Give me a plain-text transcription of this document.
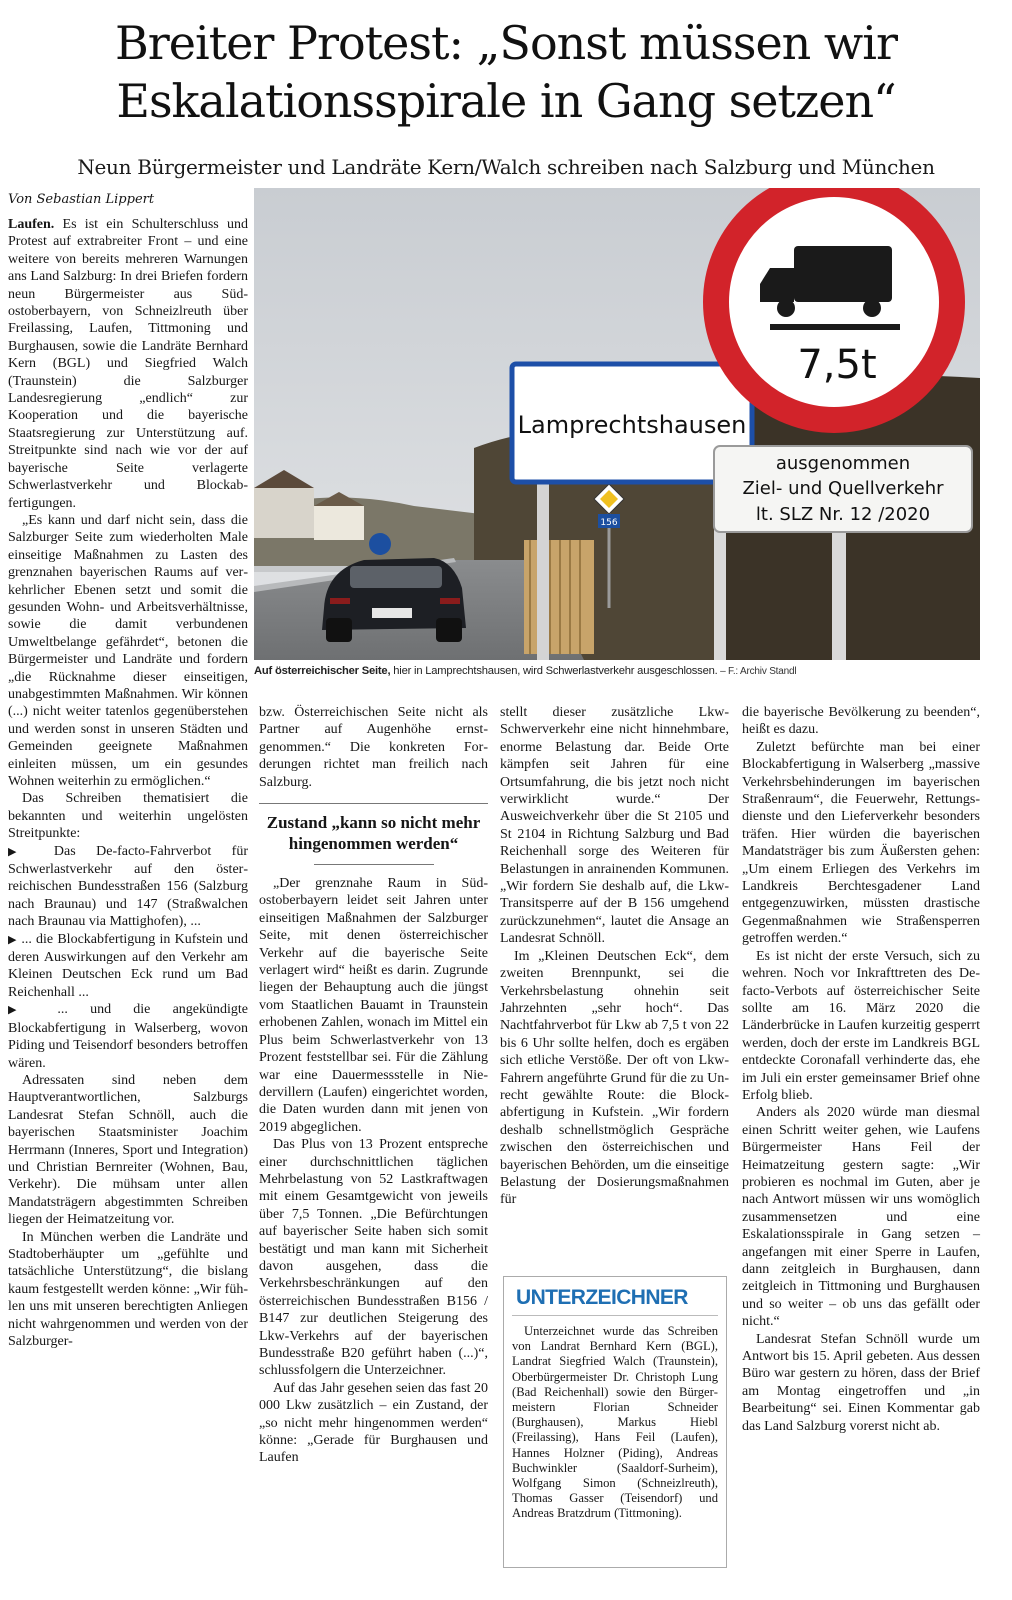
Breiter Protest: „Sonst müssen wir
Eskalationsspirale in Gang setzen“
Neun Bürgermeister und Landräte Kern/Walch schreiben nach Salzburg und München
Von Sebastian Lippert
156
Lamprechtshausen
7,5t
ausgenommen
Ziel- und Quellverkehr
lt. SLZ Nr. 12 /2020
Auf österreichischer Seite, hier in Lamprechtshausen, wird Schwerlastverkehr ausgeschlossen. – F.: Archiv Standl

Laufen. Es ist ein Schulterschluss und Protest auf extrabreiter Front – und eine weitere von bereits mehreren Warnungen ans Land Salzburg: In drei Briefen fordern neun Bürgermeister aus Südostoberbayern, von Schneizlreuth über Freilassing, Laufen, Tittmoning und Burghausen, sowie die Landräte Bernhard Kern (BGL) und Siegfried Walch (Traunstein) die Salzburger Landesregierung „endlich“ zur Kooperation und die bayerische Staatsregierung zur Unterstützung auf. Streitpunkte sind nach wie vor der auf bayerische Seite verlagerte Schwerlastverkehr und Blockabfertigungen.

„Es kann und darf nicht sein, dass die Salzburger Seite zum wiederholten Male einseitige Maßnahmen zu Lasten des grenznahen bayerischen Raums auf verkehrlicher Ebenen setzt und somit die gesunden Wohn- und Arbeitsverhältnisse, sowie die damit verbundenen Umweltbelange gefährdet“, betonen die Bürgermeister und Landräte und fordern „die Rücknahme dieser einseitigen, unabgestimmten Maßnahmen. Wir können (...) nicht weiter tatenlos gegenüberstehen und werden sonst in unseren Städten und Gemeinden geeignete Maßnahmen einleiten müssen, um ein gesundes Wohnen weiterhin zu ermöglichen.“

Das Schreiben thematisiert die bekannten und weiterhin ungelösten Streitpunkte:

▶ Das De-facto-Fahrverbot für Schwerlastverkehr auf den österreichischen Bundesstraßen 156 (Salzburg nach Braunau) und 147 (Straßwalchen nach Braunau via Mattighofen), ...

▶ ... die Blockabfertigung in Kufstein und deren Auswirkungen auf den Verkehr am Kleinen Deutschen Eck rund um Bad Reichenhall ...

▶ ... und die angekündigte Blockabfertigung in Walserberg, wovon Piding und Teisendorf besonders betroffen wären.

Adressaten sind neben dem Hauptverantwortlichen, Salzburgs Landesrat Stefan Schnöll, auch die bayerischen Staatsminister Joachim Herrmann (Inneres, Sport und Integration) und Christian Bernreiter (Wohnen, Bau, Verkehr). Die mühsam unter allen Mandatsträgern abgestimmten Schreiben liegen der Heimatzeitung vor.

In München werben die Landräte und Stadtoberhäupter um „gefühlte und tatsächliche Unterstützung“, die bislang kaum festgestellt werden könne: „Wir fühlen uns mit unseren berechtigten Anliegen nicht wahrgenommen und werden von der Salzburger-

bzw. Österreichischen Seite nicht als Partner auf Augenhöhe ernstgenommen.“ Die konkreten Forderungen richtet man freilich nach Salzburg.

Zustand „kann so nicht mehr hingenommen werden“

„Der grenznahe Raum in Südostoberbayern leidet seit Jahren unter einseitigen Maßnahmen der Salzburger Seite, mit denen österreichischer Verkehr auf die bayerische Seite verlagert wird“ heißt es darin. Zugrunde liegen der Behauptung auch die jüngst vom Staatlichen Bauamt in Traunstein erhobenen Zahlen, wonach im Mittel ein Plus beim Schwerlastverkehr von 13 Prozent feststellbar sei. Für die Zählung war eine Dauermessstelle in Niedervillern (Laufen) eingerichtet worden, die Daten wurden dann mit jenen von 2019 abgeglichen.

Das Plus von 13 Prozent entspreche einer durchschnittlichen täglichen Mehrbelastung von 52 Lastkraftwagen mit einem Gesamtgewicht von jeweils über 7,5 Tonnen. „Die Befürchtungen auf bayerischer Seite haben sich somit bestätigt und man kann mit Sicherheit davon ausgehen, dass die Verkehrsbeschränkungen auf den österreichischen Bundesstraßen B156 / B147 zur deutlichen Steigerung des Lkw-Verkehrs auf der bayerischen Bundesstraße B20 geführt haben (...)“, schlussfolgern die Unterzeichner.

Auf das Jahr gesehen seien das fast 20 000 Lkw zusätzlich – ein Zustand, der „so nicht mehr hingenommen werden“ könne: „Gerade für Burghausen und Laufen

stellt dieser zusätzliche Lkw-Schwerverkehr eine nicht hinnehmbare, enorme Belastung dar. Beide Orte kämpfen seit Jahren für eine Ortsumfahrung, die bis jetzt noch nicht verwirklicht wurde.“ Der Ausweichverkehr über die St 2105 und St 2104 in Richtung Salzburg und Bad Reichenhall sorge des Weiteren für Belastungen in anrainenden Kommunen. „Wir fordern Sie deshalb auf, die Lkw-Transitsperre auf der B 156 umgehend zurückzunehmen“, lautet die Ansage an Landesrat Schnöll.

Im „Kleinen Deutschen Eck“, dem zweiten Brennpunkt, sei die Verkehrsbelastung ohnehin seit Jahrzehnten „sehr hoch“. Das Nachtfahrverbot für Lkw ab 7,5 t von 22 bis 6 Uhr sollte helfen, doch es ergäben sich etliche Verstöße. Der oft von Lkw-Fahrern angeführte Grund für die zu Unrecht gewählte Route: die Blockabfertigung in Kufstein. „Wir fordern deshalb schnellstmöglich Gespräche zwischen den österreichischen und bayerischen Behörden, um die einseitige Belastung der Dosierungsmaßnahmen für

UNTERZEICHNER

Unterzeichnet wurde das Schreiben von Landrat Bernhard Kern (BGL), Landrat Siegfried Walch (Traunstein), Oberbürgermeister Dr. Christoph Lung (Bad Reichenhall) sowie den Bürgermeistern Florian Schneider (Burghausen), Markus Hiebl (Freilassing), Hans Feil (Laufen), Hannes Holzner (Piding), Andreas Buchwinkler (Saaldorf-Surheim), Wolfgang Simon (Schneizlreuth), Thomas Gasser (Teisendorf) und Andreas Bratzdrum (Tittmoning).

die bayerische Bevölkerung zu beenden“, heißt es dazu.

Zuletzt befürchte man bei einer Blockabfertigung in Walserberg „massive Verkehrsbehinderungen im bayerischen Straßenraum“, die Feuerwehr, Rettungsdienste und den Lieferverkehr besonders träfen. Hier würden die bayerischen Mandatsträger bis zum Äußersten gehen: „Um einem Erliegen des Verkehrs im Landkreis Berchtesgadener Land entgegenzuwirken, müssten drastische Gegenmaßnahmen wie Straßensperren getroffen werden.“

Es ist nicht der erste Versuch, sich zu wehren. Noch vor Inkrafttreten des De-facto-Verbots auf österreichischer Seite sollte am 16. März 2020 die Länderbrücke in Laufen kurzeitig gesperrt werden, doch der erste im Landkreis BGL entdeckte Coronafall verhinderte das, ehe im Juli ein erster gemeinsamer Brief ohne Erfolg blieb.

Anders als 2020 würde man diesmal einen Schritt weiter gehen, wie Laufens Bürgermeister Hans Feil der Heimatzeitung gestern sagte: „Wir probieren es nochmal im Guten, aber je nach Antwort müssen wir uns womöglich zusammensetzen und eine Eskalationsspirale in Gang setzen – angefangen mit einer Sperre in Laufen, dann zeitgleich in Burghausen, dann zeitgleich in Tittmoning und Burghausen und so weiter – ob uns das gefällt oder nicht.“

Landesrat Stefan Schnöll wurde um Antwort bis 15. April gebeten. Aus dessen Büro war gestern zu hören, dass der Brief am Montag eingetroffen und „in Bearbeitung“ sei. Einen Kommentar gab das Land Salzburg vorerst nicht ab.
